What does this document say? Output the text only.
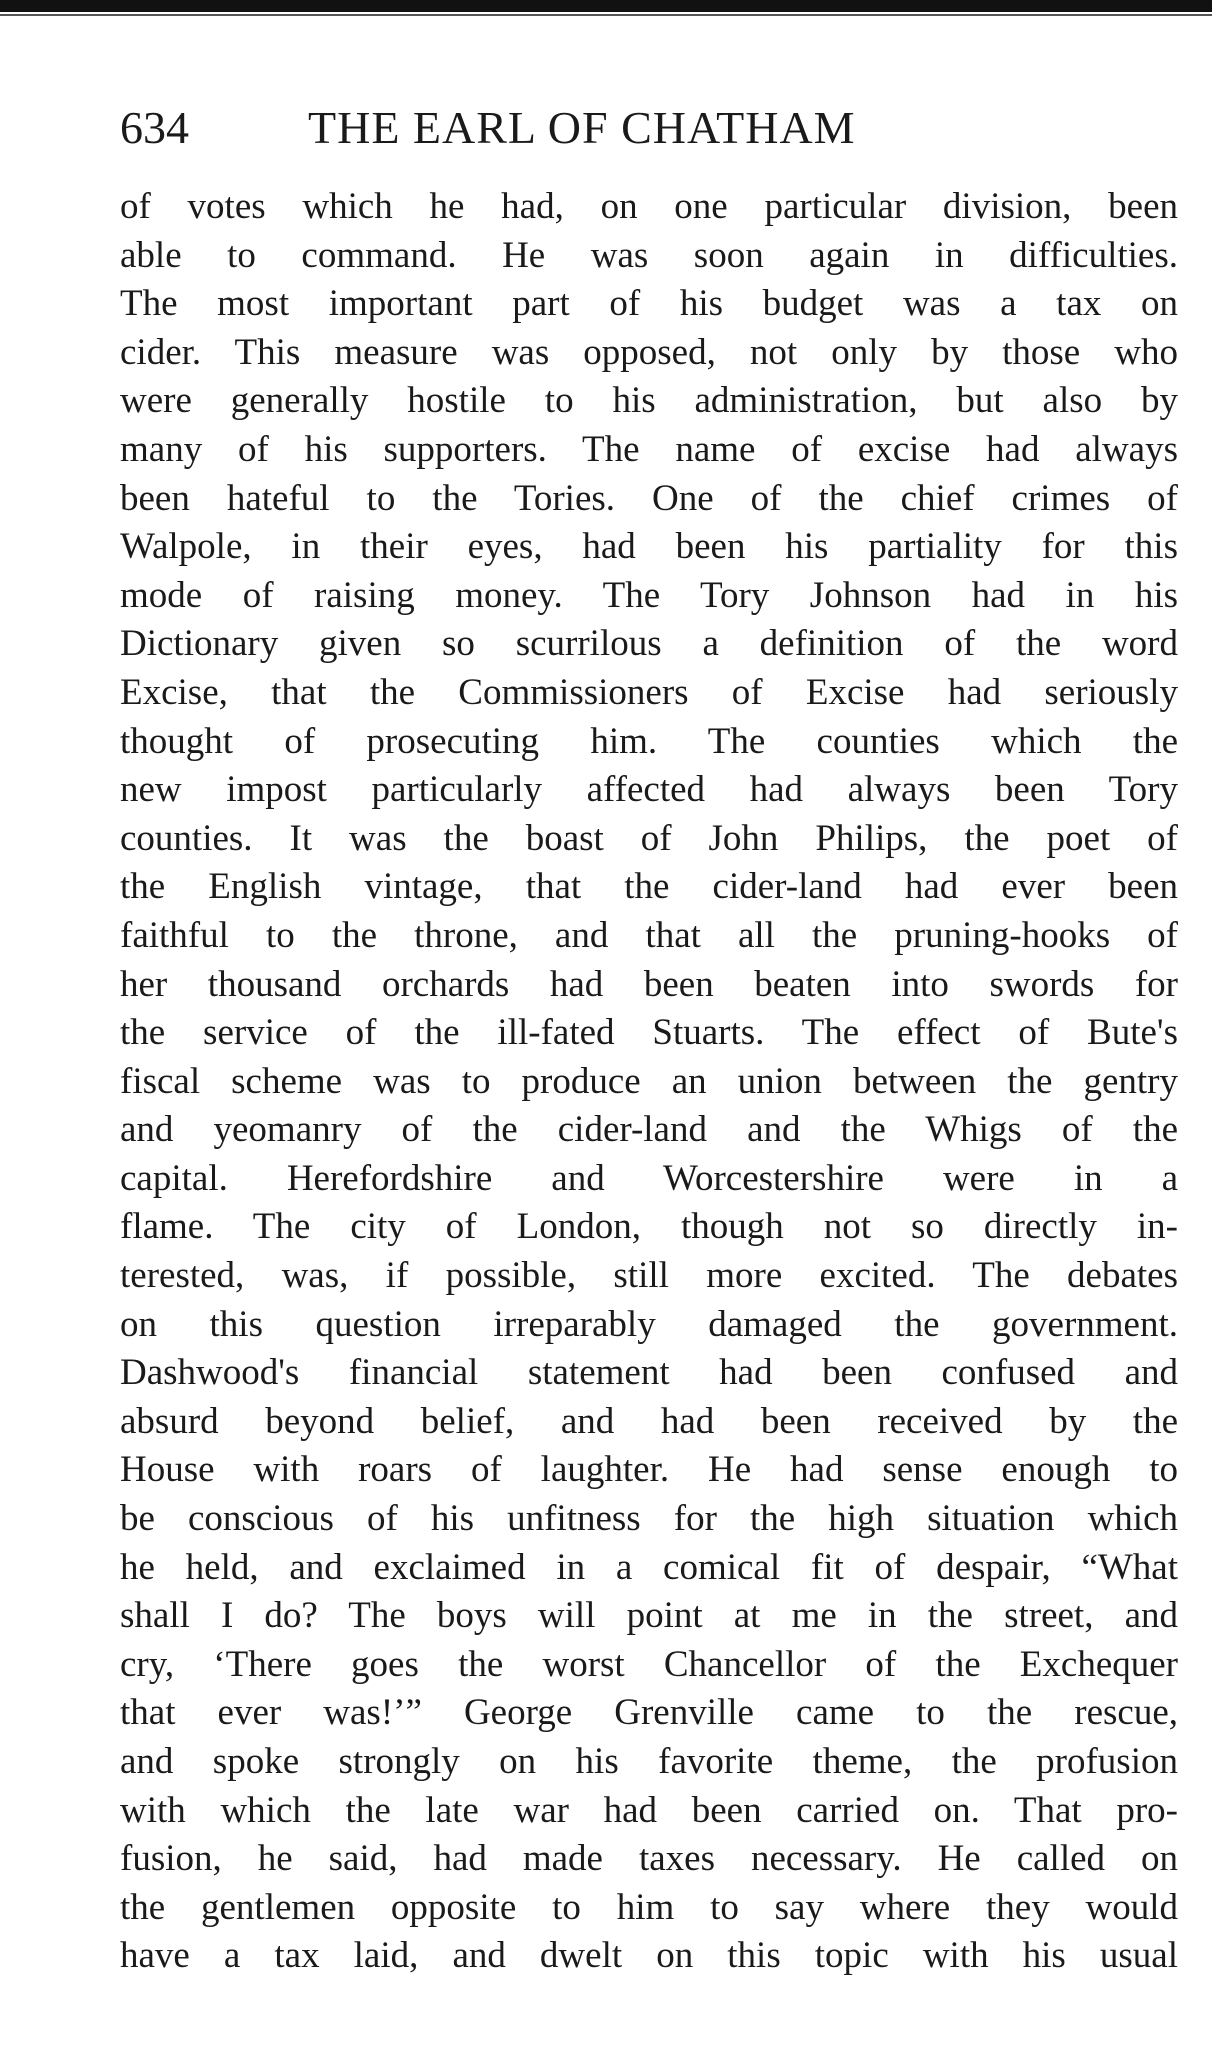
634	THE EARL OF CHATHAM
of votes which he had, on one particular division, been
able to command. He was soon again in difficulties.
The most important part of his budget was a tax on
cider. This measure was opposed, not only by those who
were generally hostile to his administration, but also by
many of his supporters. The name of excise had always
been hateful to the Tories. One of the chief crimes of
Walpole, in their eyes, had been his partiality for this
mode of raising money. The Tory Johnson had in his
Dictionary given so scurrilous a definition of the word
Excise, that the Commissioners of Excise had seriously
thought of prosecuting him. The counties which the
new impost particularly affected had always been Tory
counties. It was the boast of John Philips, the poet of
the English vintage, that the cider-land had ever been
faithful to the throne, and that all the pruning-hooks of
her thousand orchards had been beaten into swords for
the service of the ill-fated Stuarts. The effect of Bute's
fiscal scheme was to produce an union between the gentry
and yeomanry of the cider-land and the Whigs of the
capital. Herefordshire and Worcestershire were in a
flame. The city of London, though not so directly in-
terested, was, if possible, still more excited. The debates
on this question irreparably damaged the government.
Dashwood's financial statement had been confused and
absurd beyond belief, and had been received by the
House with roars of laughter. He had sense enough to
be conscious of his unfitness for the high situation which
he held, and exclaimed in a comical fit of despair, “What
shall I do? The boys will point at me in the street, and
cry, ‘There goes the worst Chancellor of the Exchequer
that ever was!’” George Grenville came to the rescue,
and spoke strongly on his favorite theme, the profusion
with which the late war had been carried on. That pro-
fusion, he said, had made taxes necessary. He called on
the gentlemen opposite to him to say where they would
have a tax laid, and dwelt on this topic with his usual
